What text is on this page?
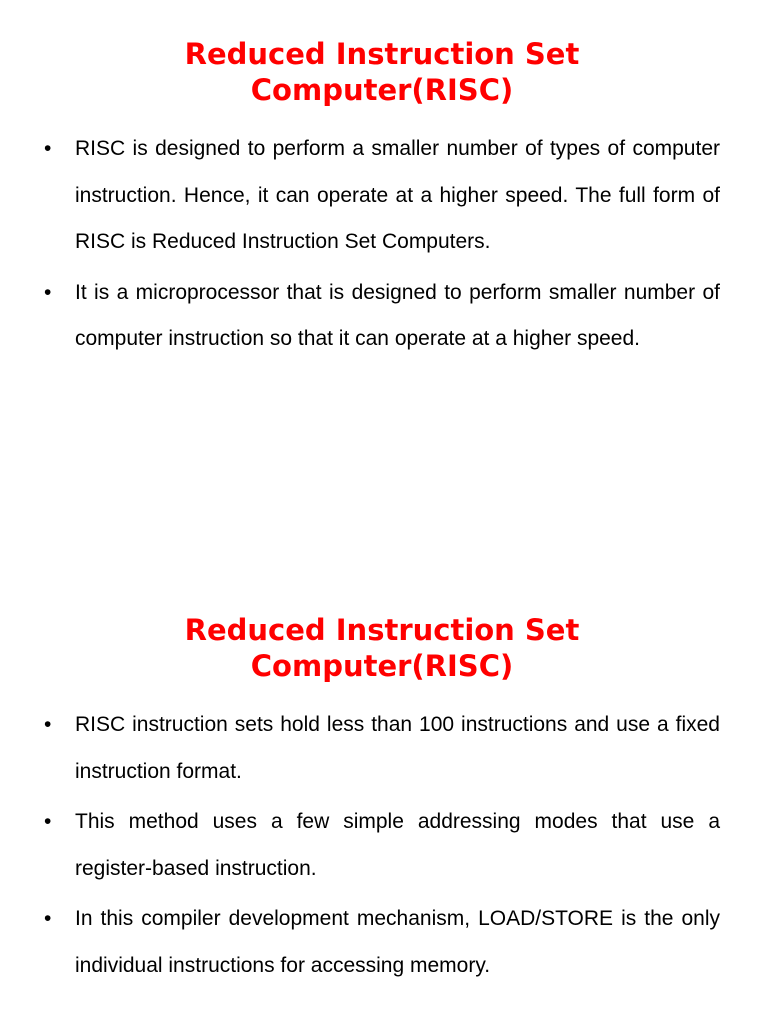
Reduced Instruction Set Computer(RISC)
• RISC is designed to perform a smaller number of types of computer instruction. Hence, it can operate at a higher speed. The full form of RISC is Reduced Instruction Set Computers.
• It is a microprocessor that is designed to perform smaller number of computer instruction so that it can operate at a higher speed.
Reduced Instruction Set Computer(RISC)
• RISC instruction sets hold less than 100 instructions and use a fixed instruction format.
• This method uses a few simple addressing modes that use a register-based instruction.
• In this compiler development mechanism, LOAD/STORE is the only individual instructions for accessing memory.
